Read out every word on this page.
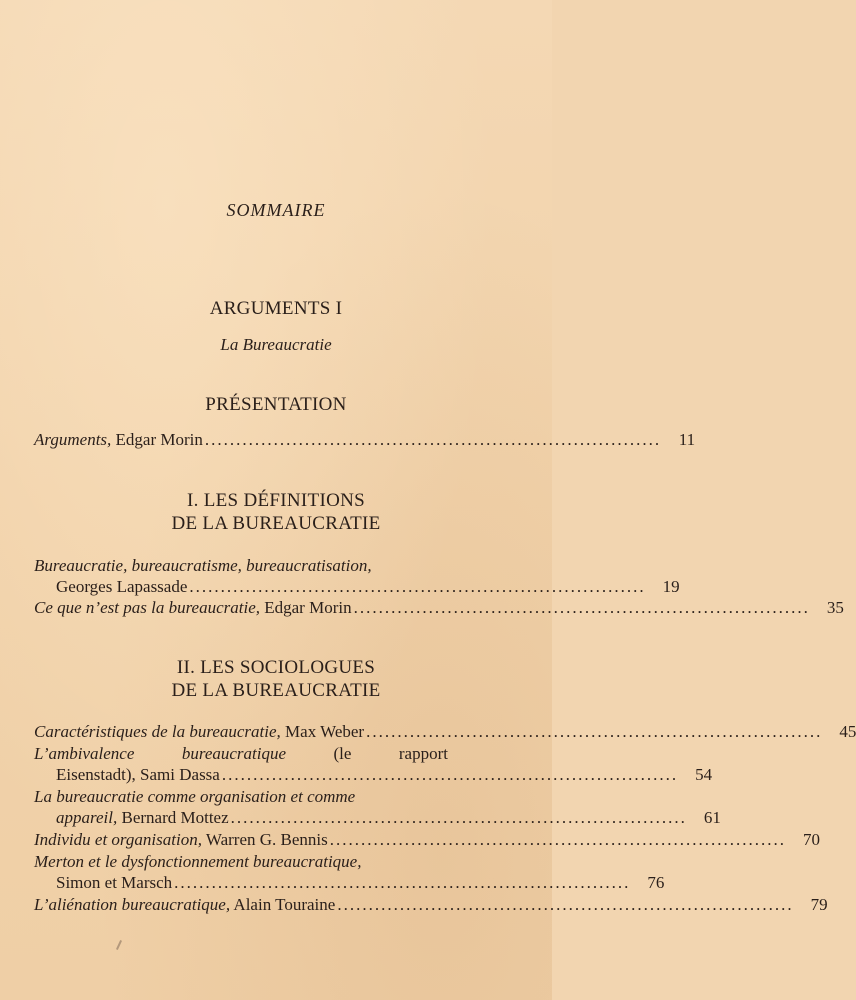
SOMMAIRE
ARGUMENTS I
La Bureaucratie
PRÉSENTATION
Arguments, Edgar Morin .........................................................................	11
I. LES DÉFINITIONS
DE LA BUREAUCRATIE
Bureaucratie, bureaucratisme, bureaucratisation,
Georges Lapassade .........................................................................	19
Ce que n’est pas la bureaucratie, Edgar Morin .........................................................................	35
II. LES SOCIOLOGUES
DE LA BUREAUCRATIE
Caractéristiques de la bureaucratie, Max Weber .........................................................................	45
L’ambivalence	bureaucratique	(le	rapport
Eisenstadt), Sami Dassa .........................................................................	54
La bureaucratie comme organisation et comme
appareil, Bernard Mottez .........................................................................	61
Individu et organisation, Warren G. Bennis .........................................................................	70
Merton et le dysfonctionnement bureaucratique,
Simon et Marsch .........................................................................	76
L’aliénation bureaucratique, Alain Touraine .........................................................................	79
